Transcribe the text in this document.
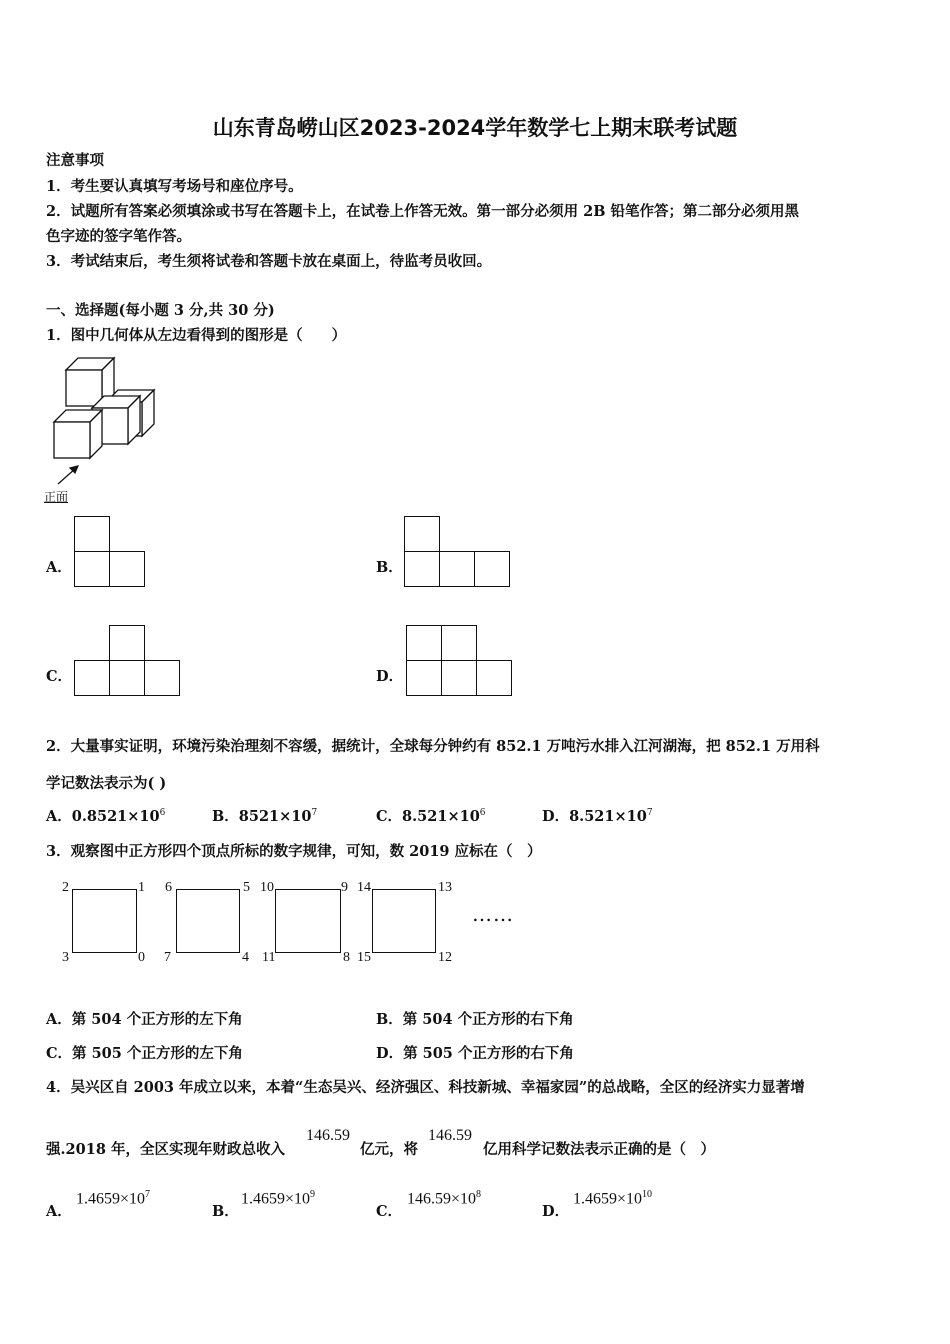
山东青岛崂山区2023-2024学年数学七上期末联考试题
注意事项
1．考生要认真填写考场号和座位序号。
2．试题所有答案必须填涂或书写在答题卡上，在试卷上作答无效。第一部分必须用 2B 铅笔作答；第二部分必须用黑
色字迹的签字笔作答。
3．考试结束后，考生须将试卷和答题卡放在桌面上，待监考员收回。
一、选择题(每小题 3 分,共 30 分)
1．图中几何体从左边看得到的图形是（　　）
正面
A．	B．
C．	D．
2．大量事实证明，环境污染治理刻不容缓，据统计，全球每分钟约有 852.1 万吨污水排入江河湖海，把 852.1 万用科
学记数法表示为( )
A．$0.8521\times 10^6$	B．$8521\times 10^7$	C．$8.521\times 10^6$	D．$8.521\times 10^7$
3．观察图中正方形四个顶点所标的数字规律，可知，数 2019 应标在（　）
2	1
3	0
6	5
7	4
10	9
11	8
14	13
15	12
……
A．第 504 个正方形的左下角	B．第 504 个正方形的右下角
C．第 505 个正方形的左下角	D．第 505 个正方形的右下角
4．吴兴区自 2003 年成立以来，本着“生态吴兴、经济强区、科技新城、幸福家园”的总战略，全区的经济实力显著增
强.2018 年，全区实现年财政总收入
146.59
亿元，将
146.59
亿用科学记数法表示正确的是（　）
A．
$1.4659\times 10^7$
B．
$1.4659\times 10^9$
C．
$146.59\times 10^8$
D．
$1.4659\times 10^{10}$
